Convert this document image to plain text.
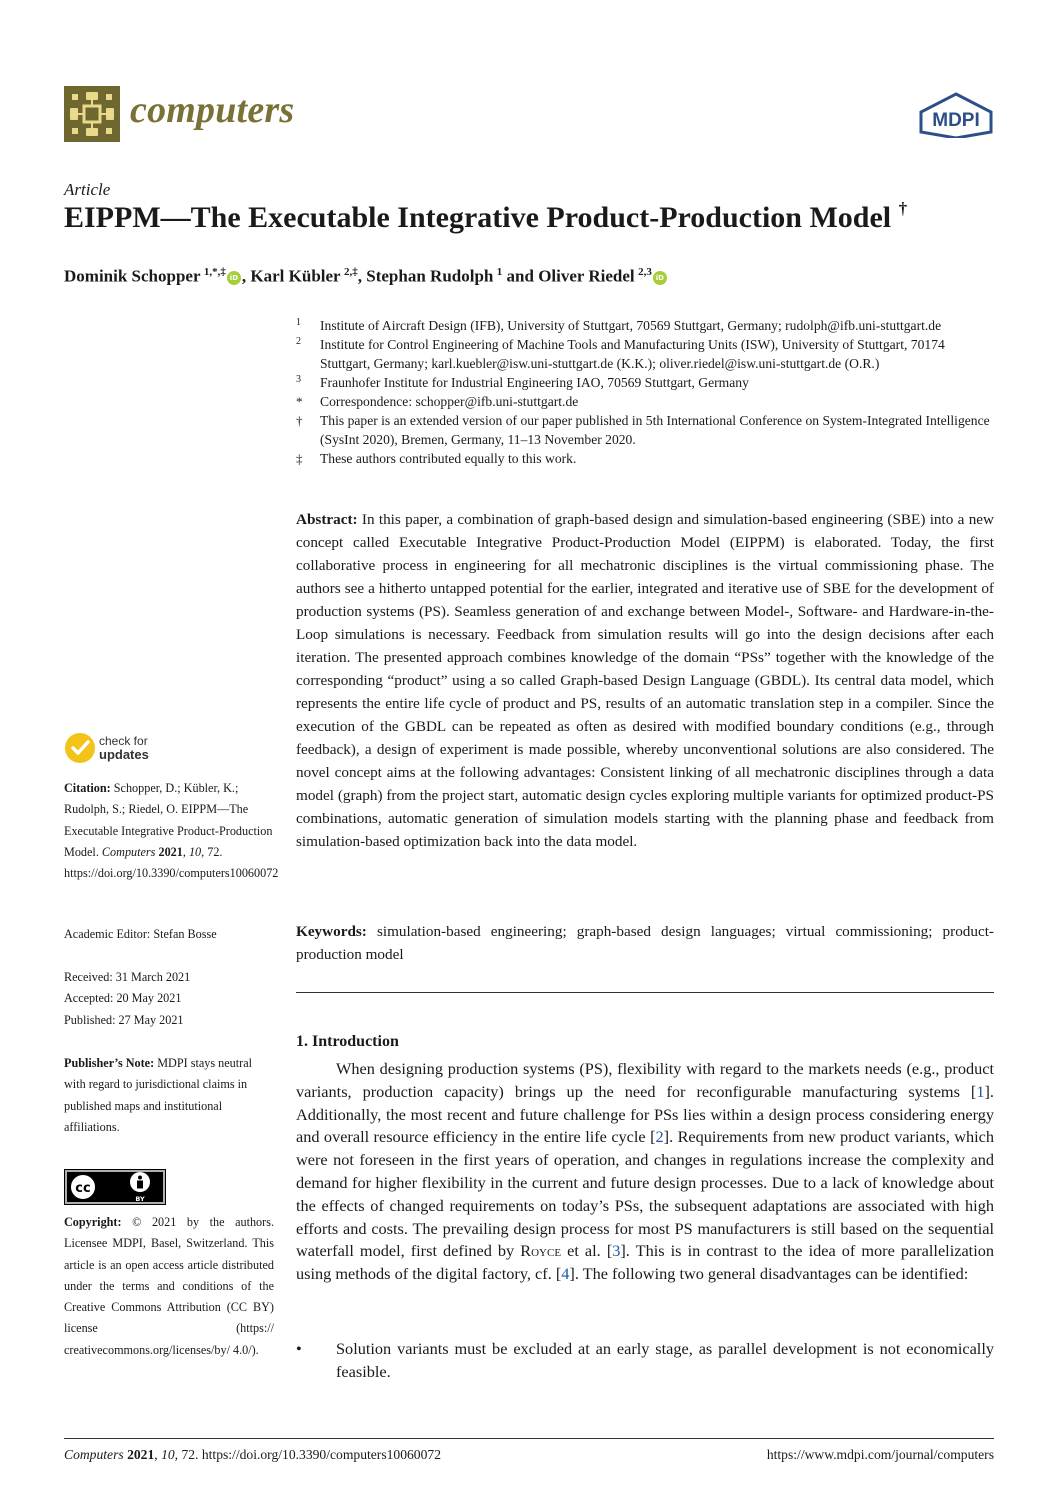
computers	MDPI
Article
EIPPM—The Executable Integrative Product-Production Model †
Dominik Schopper  $^{1,*,\ddagger}$ iD , Karl Kübler  $^{2,\ddagger}$, Stephan Rudolph  $^1$ and Oliver Riedel  $^{2,3}$ iD
1 Institute of Aircraft Design (IFB), University of Stuttgart, 70569 Stuttgart, Germany; rudolph@ifb.uni-stuttgart.de
2 Institute for Control Engineering of Machine Tools and Manufacturing Units (ISW), University of Stuttgart, 70174 Stuttgart, Germany; karl.kuebler@isw.uni-stuttgart.de (K.K.); oliver.riedel@isw.uni-stuttgart.de (O.R.)
3 Fraunhofer Institute for Industrial Engineering IAO, 70569 Stuttgart, Germany
* Correspondence: schopper@ifb.uni-stuttgart.de
† This paper is an extended version of our paper published in 5th International Conference on System-Integrated Intelligence (SysInt 2020), Bremen, Germany, 11–13 November 2020.
‡ These authors contributed equally to this work.
Abstract: In this paper, a combination of graph-based design and simulation-based engineering (SBE) into a new concept called Executable Integrative Product-Production Model (EIPPM) is elaborated. Today, the first collaborative process in engineering for all mechatronic disciplines is the virtual commissioning phase. The authors see a hitherto untapped potential for the earlier, integrated and iterative use of SBE for the development of production systems (PS). Seamless generation of and exchange between Model-, Software- and Hardware-in-the-Loop simulations is necessary. Feedback from simulation results will go into the design decisions after each iteration. The presented approach combines knowledge of the domain “PSs” together with the knowledge of the corresponding “product” using a so called Graph-based Design Language (GBDL). Its central data model, which represents the entire life cycle of product and PS, results of an automatic translation step in a compiler. Since the execution of the GBDL can be repeated as often as desired with modified boundary conditions (e.g., through feedback), a design of experiment is made possible, whereby unconventional solutions are also considered. The novel concept aims at the following advantages: Consistent linking of all mechatronic disciplines through a data model (graph) from the project start, automatic design cycles exploring multiple variants for optimized product-PS combinations, automatic generation of simulation models starting with the planning phase and feedback from simulation-based optimization back into the data model.
Keywords: simulation-based engineering; graph-based design languages; virtual commissioning; product-production model
1. Introduction
When designing production systems (PS), flexibility with regard to the markets needs (e.g., product variants, production capacity) brings up the need for reconfigurable manufacturing systems [1]. Additionally, the most recent and future challenge for PSs lies within a design process considering energy and overall resource efficiency in the entire life cycle [2]. Requirements from new product variants, which were not foreseen in the first years of operation, and changes in regulations increase the complexity and demand for higher flexibility in the current and future design processes. Due to a lack of knowledge about the effects of changed requirements on today’s PSs, the subsequent adaptations are associated with high efforts and costs. The prevailing design process for most PS manufacturers is still based on the sequential waterfall model, first defined by Royce et al. [3]. This is in contrast to the idea of more parallelization using methods of the digital factory, cf. [4]. The following two general disadvantages can be identified:
• Solution variants must be excluded at an early stage, as parallel development is not economically feasible.
check for
updates
Citation: Schopper, D.; Kübler, K.; Rudolph, S.; Riedel, O. EIPPM—The Executable Integrative Product-Production Model. Computers 2021, 10, 72. https://doi.org/10.3390/computers10060072
Academic Editor: Stefan Bosse
Received: 31 March 2021
Accepted: 20 May 2021
Published: 27 May 2021
Publisher’s Note: MDPI stays neutral with regard to jurisdictional claims in published maps and institutional affiliations.
cc
BY
Copyright: © 2021 by the authors. Licensee MDPI, Basel, Switzerland. This article is an open access article distributed under the terms and conditions of the Creative Commons Attribution (CC BY) license (https:// creativecommons.org/licenses/by/ 4.0/).
Computers 2021, 10, 72. https://doi.org/10.3390/computers10060072	https://www.mdpi.com/journal/computers
